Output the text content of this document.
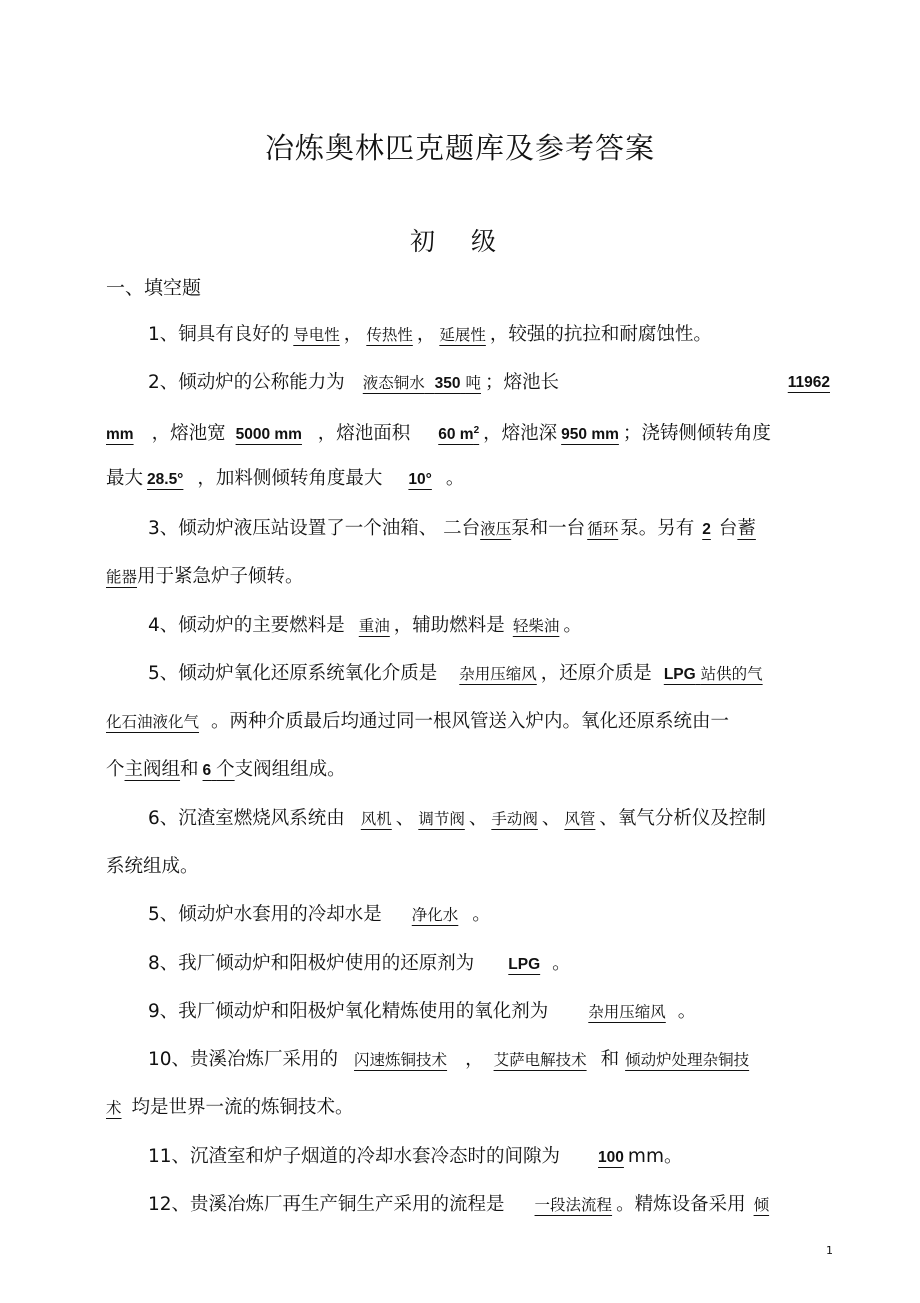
冶炼奥林匹克题库及参考答案
初 级
一、填空题

1、铜具有良好的 导电性 ， 传热性 ， 延展性 ，较强的抗拉和耐腐蚀性。

2、倾动炉的公称能力为 液态铜水 350 吨 ；熔池长	11962

mm ，熔池宽 5000 mm ，熔池面积 60 $m^2$ ，熔池深 950 mm ；浇铸侧倾转角度

最大 28.5° ，加料侧倾转角度最大 10° 。

3、倾动炉液压站设置了一个油箱、 二台液压泵和一台 循环 泵。另有 2 台蓄

能器用于紧急炉子倾转。

4、倾动炉的主要燃料是 重油 ，辅助燃料是 轻柴油 。

5、倾动炉氧化还原系统氧化介质是 杂用压缩风 ，还原介质是 LPG 站供的气

化石油液化气 。两种介质最后均通过同一根风管送入炉内。氧化还原系统由一

个主阀组和 6 个支阀组组成。

6、沉渣室燃烧风系统由 风机 、 调节阀 、 手动阀 、 风管 、氧气分析仪及控制

系统组成。

5、倾动炉水套用的冷却水是 净化水 。

8、我厂倾动炉和阳极炉使用的还原剂为 LPG 。

9、我厂倾动炉和阳极炉氧化精炼使用的氧化剂为	杂用压缩风 。

10、贵溪冶炼厂采用的 闪速炼铜技术 ， 艾萨电解技术 和 倾动炉处理杂铜技

术 均是世界一流的炼铜技术。

11、沉渣室和炉子烟道的冷却水套冷态时的间隙为 100 mm。

12、贵溪冶炼厂再生产铜生产采用的流程是 一段法流程 。精炼设备采用 倾

1
